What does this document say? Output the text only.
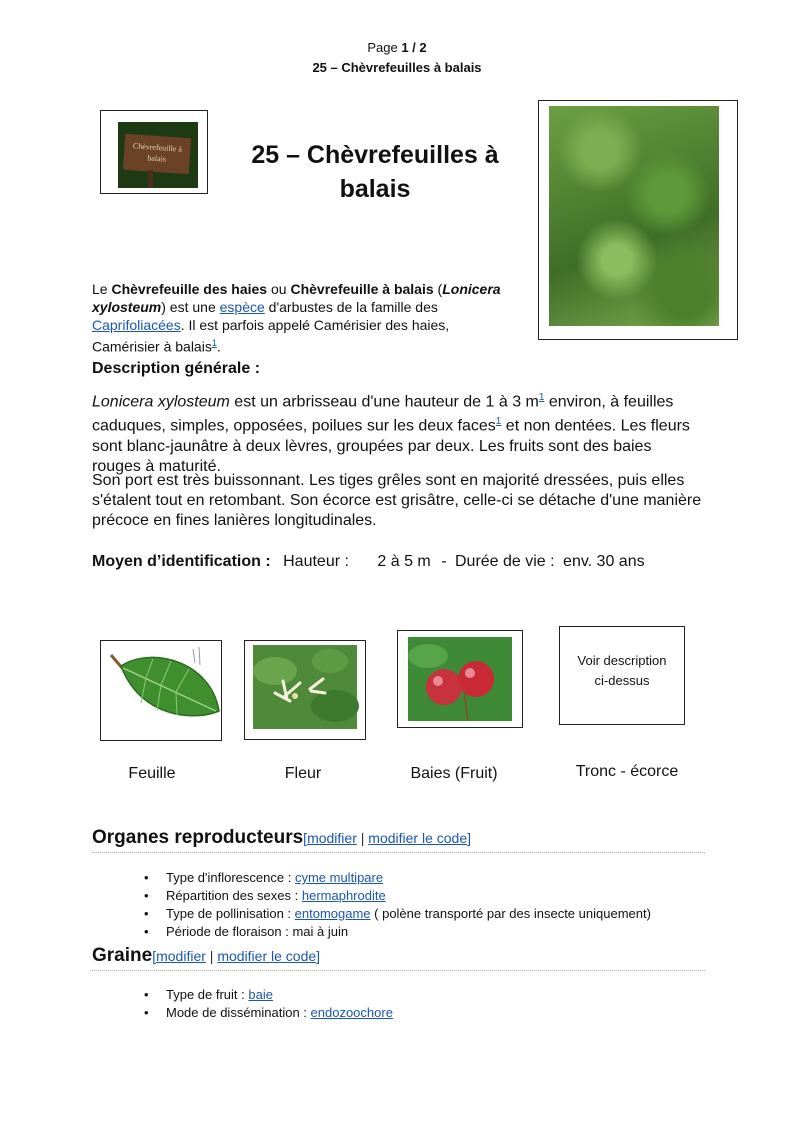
Page 1 / 2
25 – Chèvrefeuilles à balais
Chèvrefeuille à balais	25 – Chèvrefeuilles à
balais
Le Chèvrefeuille des haies ou Chèvrefeuille à balais (Lonicera xylosteum) est une espèce d'arbustes de la famille des Caprifoliacées. Il est parfois appelé Camérisier des haies, Camérisier à balais$^1$.
Description générale :
Lonicera xylosteum est un arbrisseau d'une hauteur de 1 à 3 $m^1$ environ, à feuilles caduques, simples, opposées, poilues sur les deux faces$^1$ et non dentées. Les fleurs sont blanc-jaunâtre à deux lèvres, groupées par deux. Les fruits sont des baies rouges à maturité.
Son port est très buissonnant. Les tiges grêles sont en majorité dressées, puis elles s'étalent tout en retombant. Son écorce est grisâtre, celle-ci se détache d'une manière précoce en fines lanières longitudinales.
Moyen d’identification : Hauteur : 2 à 5 m - Durée de vie : env. 30 ans
Voir description
ci-dessus
Feuille	Fleur	Baies (Fruit)	Tronc - écorce
Organes reproducteurs[modifier | modifier le code]
• Type d'inflorescence : cyme multipare
• Répartition des sexes : hermaphrodite
• Type de pollinisation : entomogame ( polène transporté par des insecte uniquement)
• Période de floraison : mai à juin
Graine[modifier | modifier le code]
• Type de fruit : baie
• Mode de dissémination : endozoochore
